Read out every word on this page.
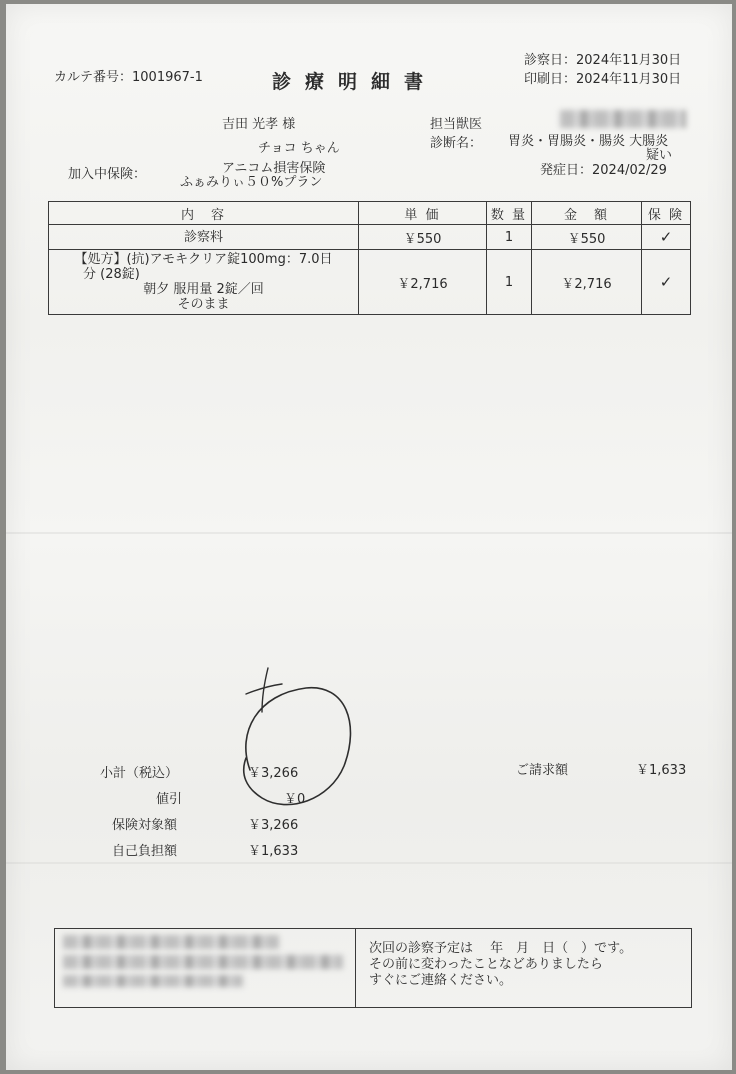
カルテ番号：1001967-1	診療明細書
診察日：2024年11月30日
印刷日：2024年11月30日
吉田 光孝 様
チョコ ちゃん
加入中保険：	アニコム損害保険
ふぁみりぃ５０%プラン
担当獣医
診断名： 胃炎・胃腸炎・腸炎 大腸炎
疑い
発症日：2024/02/29
内　容	単 価	数 量	金　額	保 険
診察料	￥550	1	￥550	✓

【処方】(抗)アモキクリア錠100mg：7.0日
分 (28錠)
朝夕 服用量 2錠／回
そのまま	￥2,716	1	￥2,716	✓
小計（税込）	￥3,266
値引	￥0
保険対象額	￥3,266
自己負担額	￥1,633
ご請求額	￥1,633
次回の診察予定は　 年　月　日（　）です。
その前に変わったことなどありましたら
すぐにご連絡ください。
